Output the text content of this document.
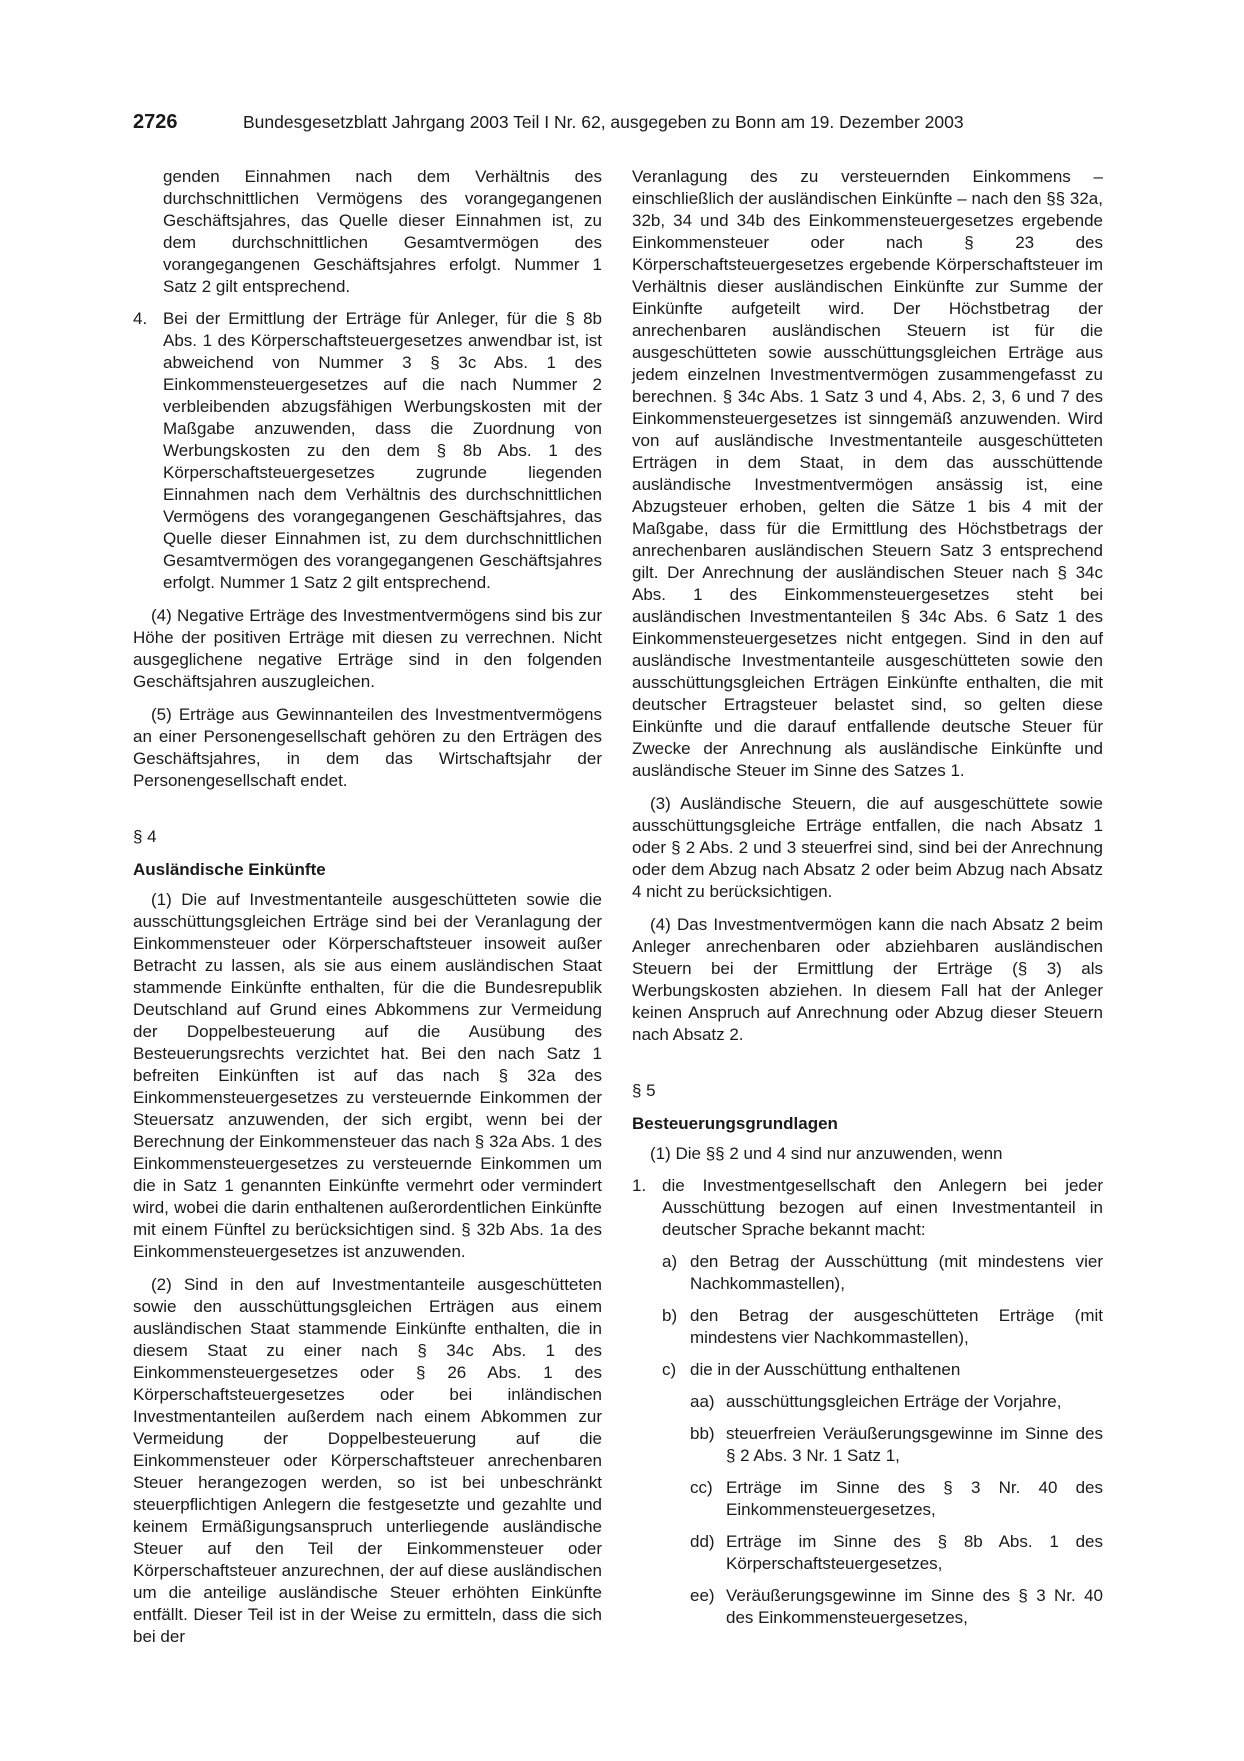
2726	Bundesgesetzblatt Jahrgang 2003 Teil I Nr. 62, ausgegeben zu Bonn am 19. Dezember 2003

genden Einnahmen nach dem Verhältnis des durchschnittlichen Vermögens des vorangegangenen Geschäftsjahres, das Quelle dieser Einnahmen ist, zu dem durchschnittlichen Gesamtvermögen des vorangegangenen Geschäftsjahres erfolgt. Nummer 1 Satz 2 gilt entsprechend.

4. Bei der Ermittlung der Erträge für Anleger, für die § 8b Abs. 1 des Körperschaftsteuergesetzes anwendbar ist, ist abweichend von Nummer 3 § 3c Abs. 1 des Einkommensteuergesetzes auf die nach Nummer 2 verbleibenden abzugsfähigen Werbungskosten mit der Maßgabe anzuwenden, dass die Zuordnung von Werbungskosten zu den dem § 8b Abs. 1 des Körperschaftsteuergesetzes zugrunde liegenden Einnahmen nach dem Verhältnis des durchschnittlichen Vermögens des vorangegangenen Geschäftsjahres, das Quelle dieser Einnahmen ist, zu dem durchschnittlichen Gesamtvermögen des vorangegangenen Geschäftsjahres erfolgt. Nummer 1 Satz 2 gilt entsprechend.

(4) Negative Erträge des Investmentvermögens sind bis zur Höhe der positiven Erträge mit diesen zu verrechnen. Nicht ausgeglichene negative Erträge sind in den folgenden Geschäftsjahren auszugleichen.

(5) Erträge aus Gewinnanteilen des Investmentvermögens an einer Personengesellschaft gehören zu den Erträgen des Geschäftsjahres, in dem das Wirtschaftsjahr der Personengesellschaft endet.

§ 4

Ausländische Einkünfte

(1) Die auf Investmentanteile ausgeschütteten sowie die ausschüttungsgleichen Erträge sind bei der Veranlagung der Einkommensteuer oder Körperschaftsteuer insoweit außer Betracht zu lassen, als sie aus einem ausländischen Staat stammende Einkünfte enthalten, für die die Bundesrepublik Deutschland auf Grund eines Abkommens zur Vermeidung der Doppelbesteuerung auf die Ausübung des Besteuerungsrechts verzichtet hat. Bei den nach Satz 1 befreiten Einkünften ist auf das nach § 32a des Einkommensteuergesetzes zu versteuernde Einkommen der Steuersatz anzuwenden, der sich ergibt, wenn bei der Berechnung der Einkommensteuer das nach § 32a Abs. 1 des Einkommensteuergesetzes zu versteuernde Einkommen um die in Satz 1 genannten Einkünfte vermehrt oder vermindert wird, wobei die darin enthaltenen außerordentlichen Einkünfte mit einem Fünftel zu berücksichtigen sind. § 32b Abs. 1a des Einkommensteuergesetzes ist anzuwenden.

(2) Sind in den auf Investmentanteile ausgeschütteten sowie den ausschüttungsgleichen Erträgen aus einem ausländischen Staat stammende Einkünfte enthalten, die in diesem Staat zu einer nach § 34c Abs. 1 des Einkommensteuergesetzes oder § 26 Abs. 1 des Körperschaftsteuergesetzes oder bei inländischen Investmentanteilen außerdem nach einem Abkommen zur Vermeidung der Doppelbesteuerung auf die Einkommensteuer oder Körperschaftsteuer anrechenbaren Steuer herangezogen werden, so ist bei unbeschränkt steuerpflichtigen Anlegern die festgesetzte und gezahlte und keinem Ermäßigungsanspruch unterliegende ausländische Steuer auf den Teil der Einkommensteuer oder Körperschaftsteuer anzurechnen, der auf diese ausländischen um die anteilige ausländische Steuer erhöhten Einkünfte entfällt. Dieser Teil ist in der Weise zu ermitteln, dass die sich bei der

Veranlagung des zu versteuernden Einkommens – einschließlich der ausländischen Einkünfte – nach den §§ 32a, 32b, 34 und 34b des Einkommensteuergesetzes ergebende Einkommensteuer oder nach § 23 des Körperschaftsteuergesetzes ergebende Körperschaftsteuer im Verhältnis dieser ausländischen Einkünfte zur Summe der Einkünfte aufgeteilt wird. Der Höchstbetrag der anrechenbaren ausländischen Steuern ist für die ausgeschütteten sowie ausschüttungsgleichen Erträge aus jedem einzelnen Investmentvermögen zusammengefasst zu berechnen. § 34c Abs. 1 Satz 3 und 4, Abs. 2, 3, 6 und 7 des Einkommensteuergesetzes ist sinngemäß anzuwenden. Wird von auf ausländische Investmentanteile ausgeschütteten Erträgen in dem Staat, in dem das ausschüttende ausländische Investmentvermögen ansässig ist, eine Abzugsteuer erhoben, gelten die Sätze 1 bis 4 mit der Maßgabe, dass für die Ermittlung des Höchstbetrags der anrechenbaren ausländischen Steuern Satz 3 entsprechend gilt. Der Anrechnung der ausländischen Steuer nach § 34c Abs. 1 des Einkommensteuergesetzes steht bei ausländischen Investmentanteilen § 34c Abs. 6 Satz 1 des Einkommensteuergesetzes nicht entgegen. Sind in den auf ausländische Investmentanteile ausgeschütteten sowie den ausschüttungsgleichen Erträgen Einkünfte enthalten, die mit deutscher Ertragsteuer belastet sind, so gelten diese Einkünfte und die darauf entfallende deutsche Steuer für Zwecke der Anrechnung als ausländische Einkünfte und ausländische Steuer im Sinne des Satzes 1.

(3) Ausländische Steuern, die auf ausgeschüttete sowie ausschüttungsgleiche Erträge entfallen, die nach Absatz 1 oder § 2 Abs. 2 und 3 steuerfrei sind, sind bei der Anrechnung oder dem Abzug nach Absatz 2 oder beim Abzug nach Absatz 4 nicht zu berücksichtigen.

(4) Das Investmentvermögen kann die nach Absatz 2 beim Anleger anrechenbaren oder abziehbaren ausländischen Steuern bei der Ermittlung der Erträge (§ 3) als Werbungskosten abziehen. In diesem Fall hat der Anleger keinen Anspruch auf Anrechnung oder Abzug dieser Steuern nach Absatz 2.

§ 5

Besteuerungsgrundlagen

(1) Die §§ 2 und 4 sind nur anzuwenden, wenn

1. die Investmentgesellschaft den Anlegern bei jeder Ausschüttung bezogen auf einen Investmentanteil in deutscher Sprache bekannt macht:
a) den Betrag der Ausschüttung (mit mindestens vier Nachkommastellen),
b) den Betrag der ausgeschütteten Erträge (mit mindestens vier Nachkommastellen),
c) die in der Ausschüttung enthaltenen
aa) ausschüttungsgleichen Erträge der Vorjahre,
bb) steuerfreien Veräußerungsgewinne im Sinne des § 2 Abs. 3 Nr. 1 Satz 1,
cc) Erträge im Sinne des § 3 Nr. 40 des Einkommensteuergesetzes,
dd) Erträge im Sinne des § 8b Abs. 1 des Körperschaftsteuergesetzes,
ee) Veräußerungsgewinne im Sinne des § 3 Nr. 40 des Einkommensteuergesetzes,
